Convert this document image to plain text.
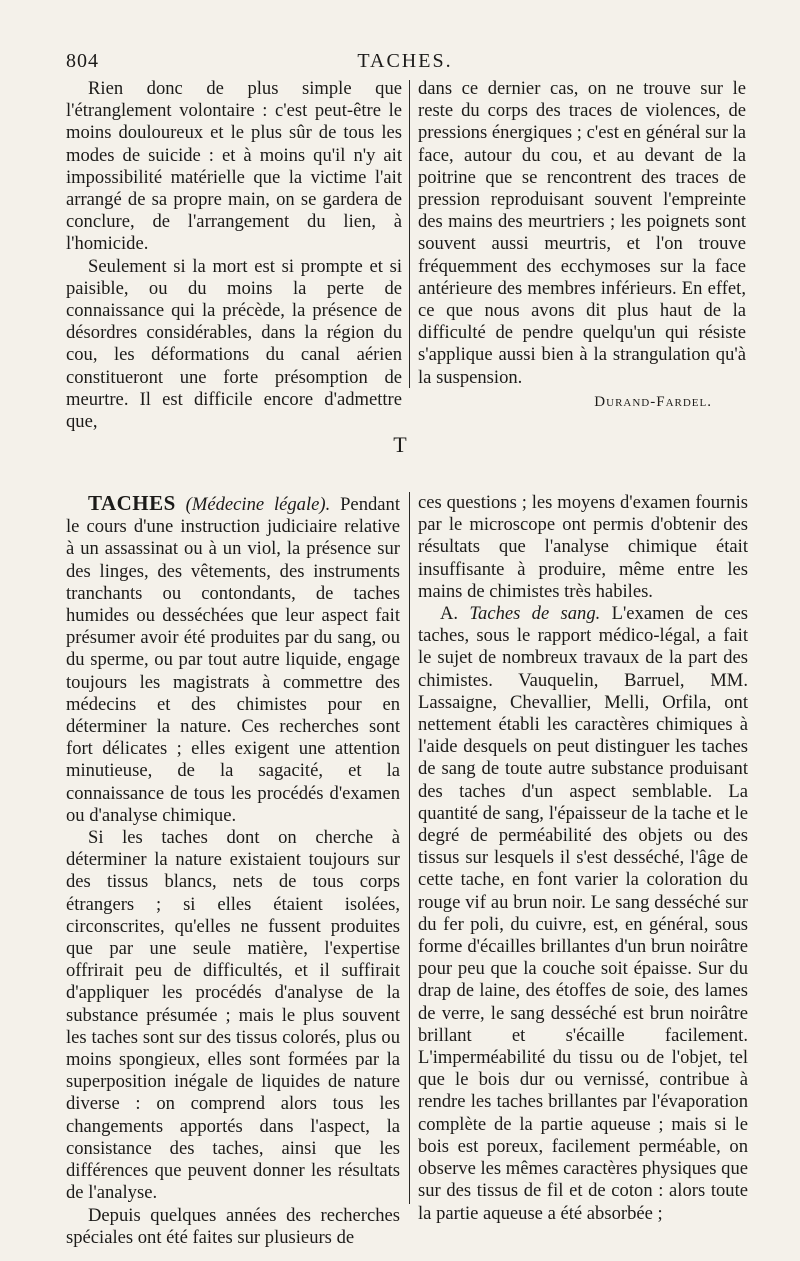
804	TACHES.

Rien donc de plus simple que l'étranglement volontaire : c'est peut-être le moins douloureux et le plus sûr de tous les modes de suicide : et à moins qu'il n'y ait impossibilité matérielle que la victime l'ait arrangé de sa propre main, on se gardera de conclure, de l'arrangement du lien, à l'homicide.

Seulement si la mort est si prompte et si paisible, ou du moins la perte de connaissance qui la précède, la présence de désordres considérables, dans la région du cou, les déformations du canal aérien constitueront une forte présomption de meurtre. Il est difficile encore d'admettre que,

dans ce dernier cas, on ne trouve sur le reste du corps des traces de violences, de pressions énergiques ; c'est en général sur la face, autour du cou, et au devant de la poitrine que se rencontrent des traces de pression reproduisant souvent l'empreinte des mains des meurtriers ; les poignets sont souvent aussi meurtris, et l'on trouve fréquemment des ecchymoses sur la face antérieure des membres inférieurs. En effet, ce que nous avons dit plus haut de la difficulté de pendre quelqu'un qui résiste s'applique aussi bien à la strangulation qu'à la suspension.

Durand-Fardel.
T

TACHES (Médecine légale). Pendant le cours d'une instruction judiciaire relative à un assassinat ou à un viol, la présence sur des linges, des vêtements, des instruments tranchants ou contondants, de taches humides ou desséchées que leur aspect fait présumer avoir été produites par du sang, ou du sperme, ou par tout autre liquide, engage toujours les magistrats à commettre des médecins et des chimistes pour en déterminer la nature. Ces recherches sont fort délicates ; elles exigent une attention minutieuse, de la sagacité, et la connaissance de tous les procédés d'examen ou d'analyse chimique.

Si les taches dont on cherche à déterminer la nature existaient toujours sur des tissus blancs, nets de tous corps étrangers ; si elles étaient isolées, circonscrites, qu'elles ne fussent produites que par une seule matière, l'expertise offrirait peu de difficultés, et il suffirait d'appliquer les procédés d'analyse de la substance présumée ; mais le plus souvent les taches sont sur des tissus colorés, plus ou moins spongieux, elles sont formées par la superposition inégale de liquides de nature diverse : on comprend alors tous les changements apportés dans l'aspect, la consistance des taches, ainsi que les différences que peuvent donner les résultats de l'analyse.

Depuis quelques années des recherches spéciales ont été faites sur plusieurs de

ces questions ; les moyens d'examen fournis par le microscope ont permis d'obtenir des résultats que l'analyse chimique était insuffisante à produire, même entre les mains de chimistes très habiles.

A. Taches de sang. L'examen de ces taches, sous le rapport médico-légal, a fait le sujet de nombreux travaux de la part des chimistes. Vauquelin, Barruel, MM. Lassaigne, Chevallier, Melli, Orfila, ont nettement établi les caractères chimiques à l'aide desquels on peut distinguer les taches de sang de toute autre substance produisant des taches d'un aspect semblable. La quantité de sang, l'épaisseur de la tache et le degré de perméabilité des objets ou des tissus sur lesquels il s'est desséché, l'âge de cette tache, en font varier la coloration du rouge vif au brun noir. Le sang desséché sur du fer poli, du cuivre, est, en général, sous forme d'écailles brillantes d'un brun noirâtre pour peu que la couche soit épaisse. Sur du drap de laine, des étoffes de soie, des lames de verre, le sang desséché est brun noirâtre brillant et s'écaille facilement. L'imperméabilité du tissu ou de l'objet, tel que le bois dur ou vernissé, contribue à rendre les taches brillantes par l'évaporation complète de la partie aqueuse ; mais si le bois est poreux, facilement perméable, on observe les mêmes caractères physiques que sur des tissus de fil et de coton : alors toute la partie aqueuse a été absorbée ;
